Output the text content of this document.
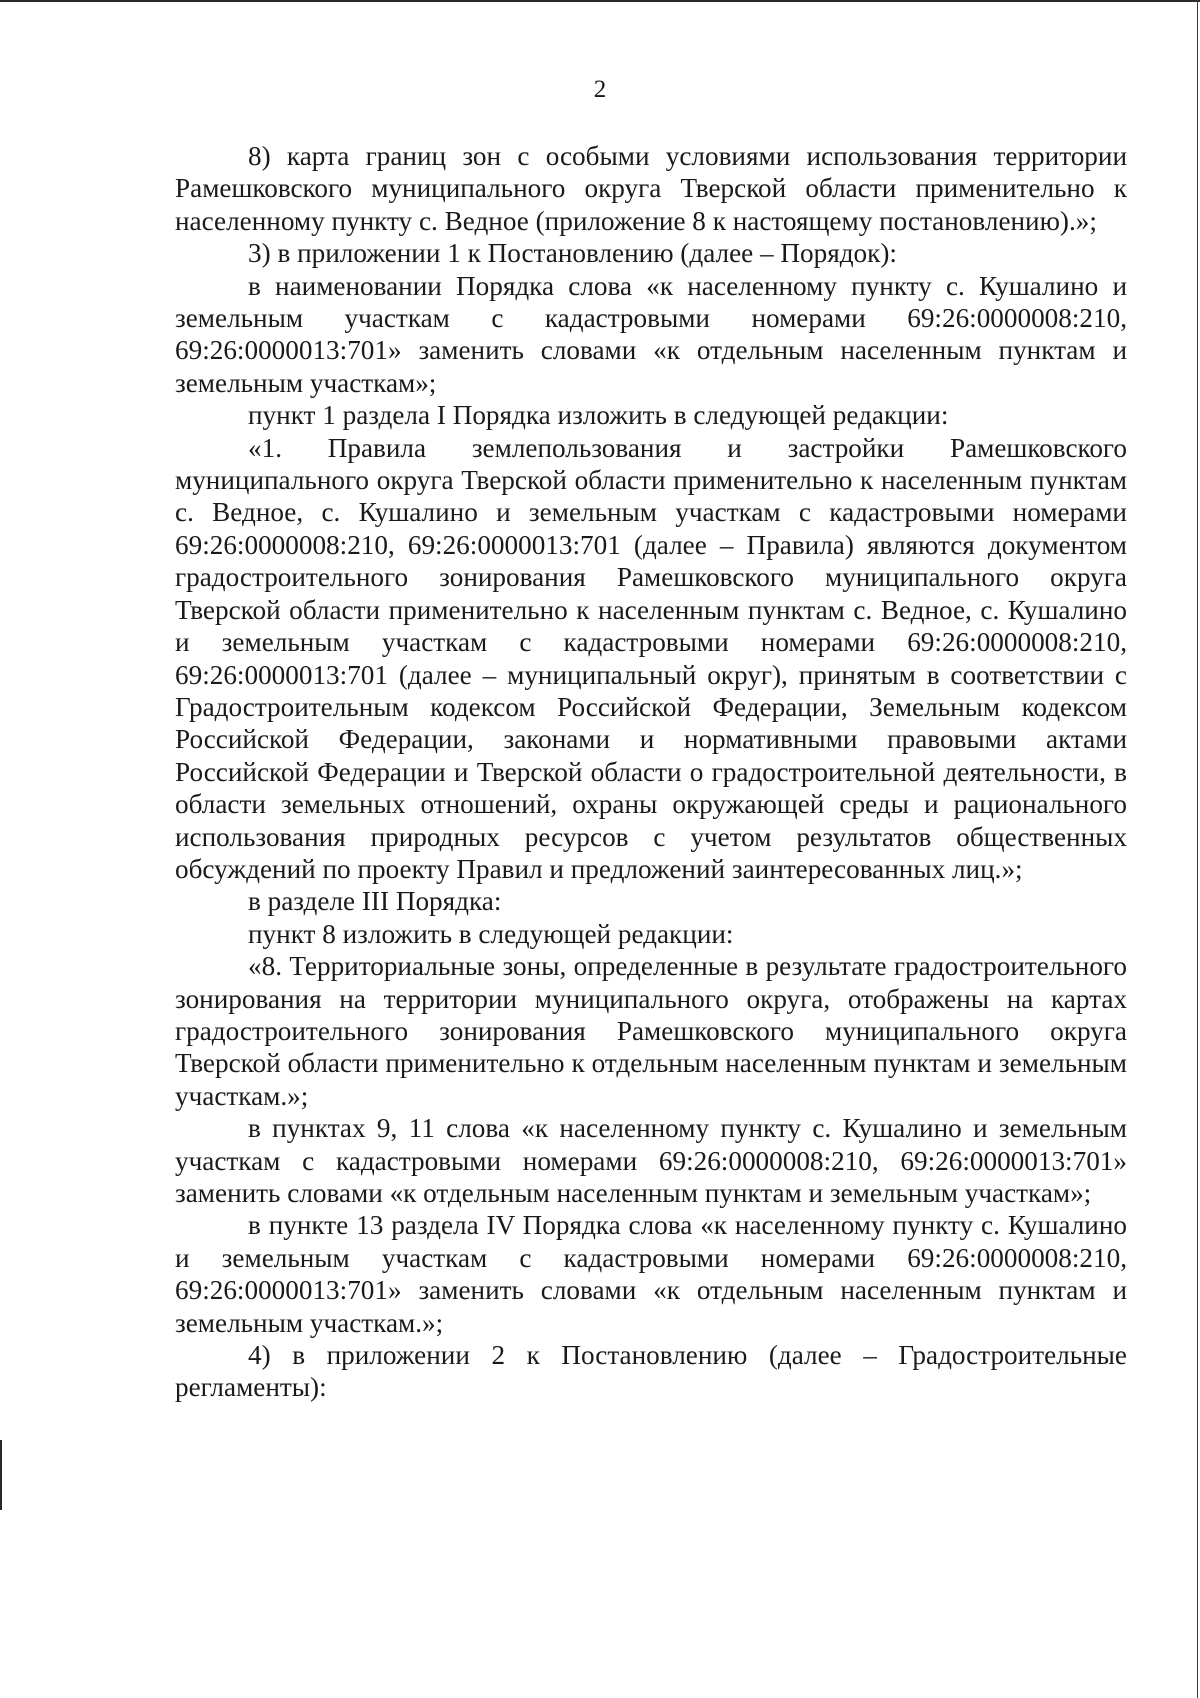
2

8) карта границ зон с особыми условиями использования территории Рамешковского муниципального округа Тверской области применительно к населенному пункту с. Ведное (приложение 8 к настоящему постановлению).»;

3) в приложении 1 к Постановлению (далее – Порядок):

в наименовании Порядка слова «к населенному пункту с. Кушалино и земельным участкам с кадастровыми номерами 69:26:0000008:210, 69:26:0000013:701» заменить словами «к отдельным населенным пунктам и земельным участкам»;

пункт 1 раздела I Порядка изложить в следующей редакции:

«1. Правила землепользования и застройки Рамешковского муниципального округа Тверской области применительно к населенным пунктам с. Ведное, с. Кушалино и земельным участкам с кадастровыми номерами 69:26:0000008:210, 69:26:0000013:701 (далее – Правила) являются документом градостроительного зонирования Рамешковского муниципального округа Тверской области применительно к населенным пунктам с. Ведное, с. Кушалино и земельным участкам с кадастровыми номерами 69:26:0000008:210, 69:26:0000013:701 (далее – муниципальный округ), принятым в соответствии с Градостроительным кодексом Российской Федерации, Земельным кодексом Российской Федерации, законами и нормативными правовыми актами Российской Федерации и Тверской области о градостроительной деятельности, в области земельных отношений, охраны окружающей среды и рационального использования природных ресурсов с учетом результатов общественных обсуждений по проекту Правил и предложений заинтересованных лиц.»;

в разделе III Порядка:

пункт 8 изложить в следующей редакции:

«8. Территориальные зоны, определенные в результате градостроительного зонирования на территории муниципального округа, отображены на картах градостроительного зонирования Рамешковского муниципального округа Тверской области применительно к отдельным населенным пунктам и земельным участкам.»;

в пунктах 9, 11 слова «к населенному пункту с. Кушалино и земельным участкам с кадастровыми номерами 69:26:0000008:210, 69:26:0000013:701» заменить словами «к отдельным населенным пунктам и земельным участкам»;

в пункте 13 раздела IV Порядка слова «к населенному пункту с. Кушалино и земельным участкам с кадастровыми номерами 69:26:0000008:210, 69:26:0000013:701» заменить словами «к отдельным населенным пунктам и земельным участкам.»;

4) в приложении 2 к Постановлению (далее – Градостроительные регламенты):
